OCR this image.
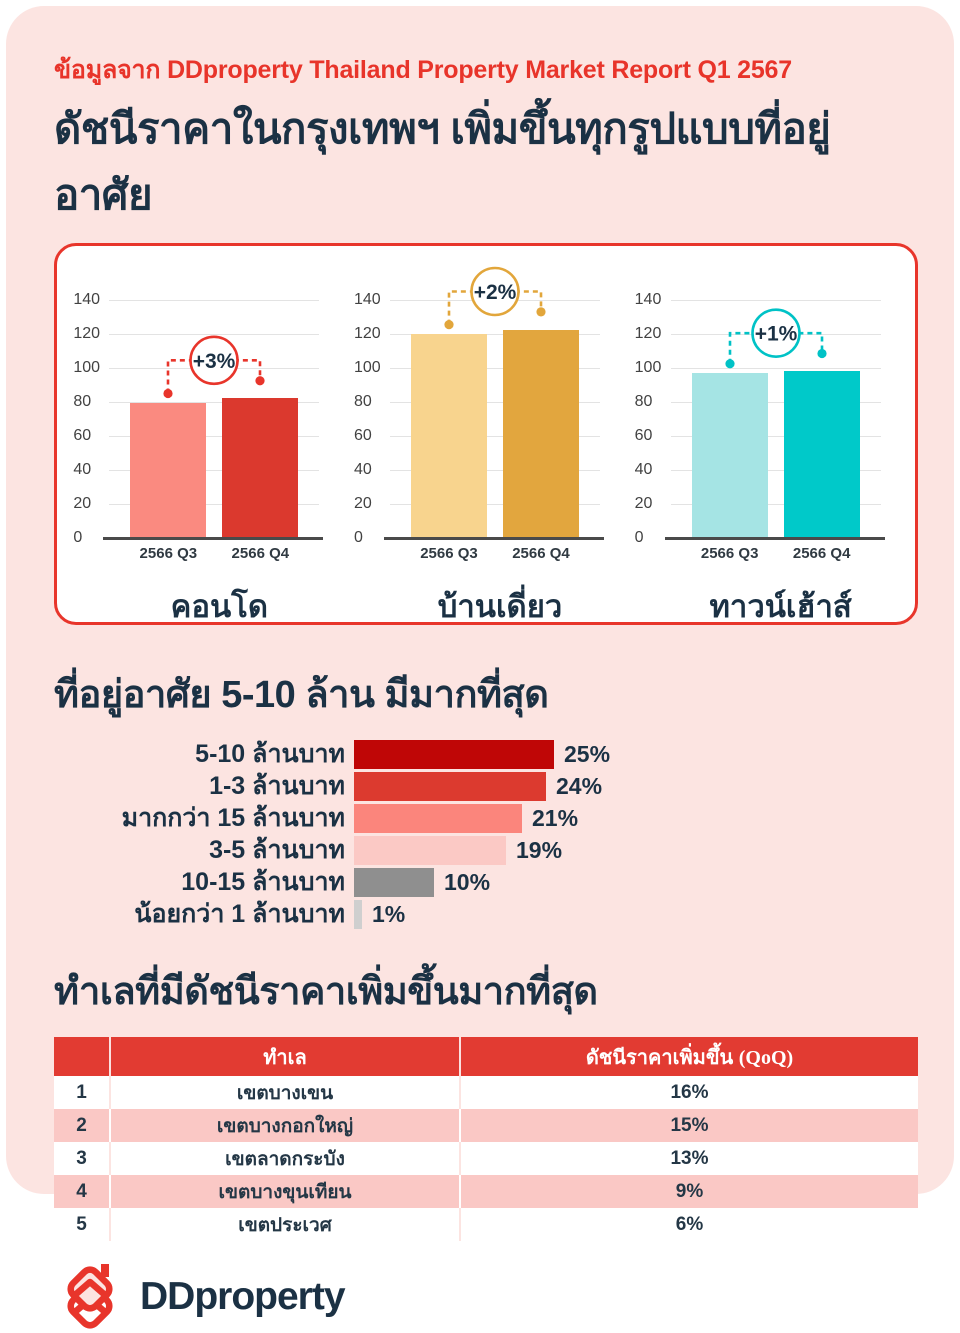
ข้อมูลจาก DDproperty Thailand Property Market Report Q1 2567
ดัชนีราคาในกรุงเทพฯ เพิ่มขึ้นทุกรูปแบบที่อยู่อาศัย
140
120
100
80
60
40
20
0
+3%
2566 Q3 2566 Q4
คอนโด
140
120
100
80
60
40
20
0
+2%
2566 Q3 2566 Q4
บ้านเดี่ยว
140
120
100
80
60
40
20
0
+1%
2566 Q3 2566 Q4
ทาวน์เฮ้าส์
ที่อยู่อาศัย 5-10 ล้าน มีมากที่สุด
5-10 ล้านบาท	25%
1-3 ล้านบาท	24%
มากกว่า 15 ล้านบาท	21%
3-5 ล้านบาท	19%
10-15 ล้านบาท	10%
น้อยกว่า 1 ล้านบาท	1%
ทำเลที่มีดัชนีราคาเพิ่มขึ้นมากที่สุด
	ทำเล	ดัชนีราคาเพิ่มขึ้น (QoQ)
1	เขตบางเขน	16%
2	เขตบางกอกใหญ่	15%
3	เขตลาดกระบัง	13%
4	เขตบางขุนเทียน	9%
5	เขตประเวศ	6%
DDproperty
